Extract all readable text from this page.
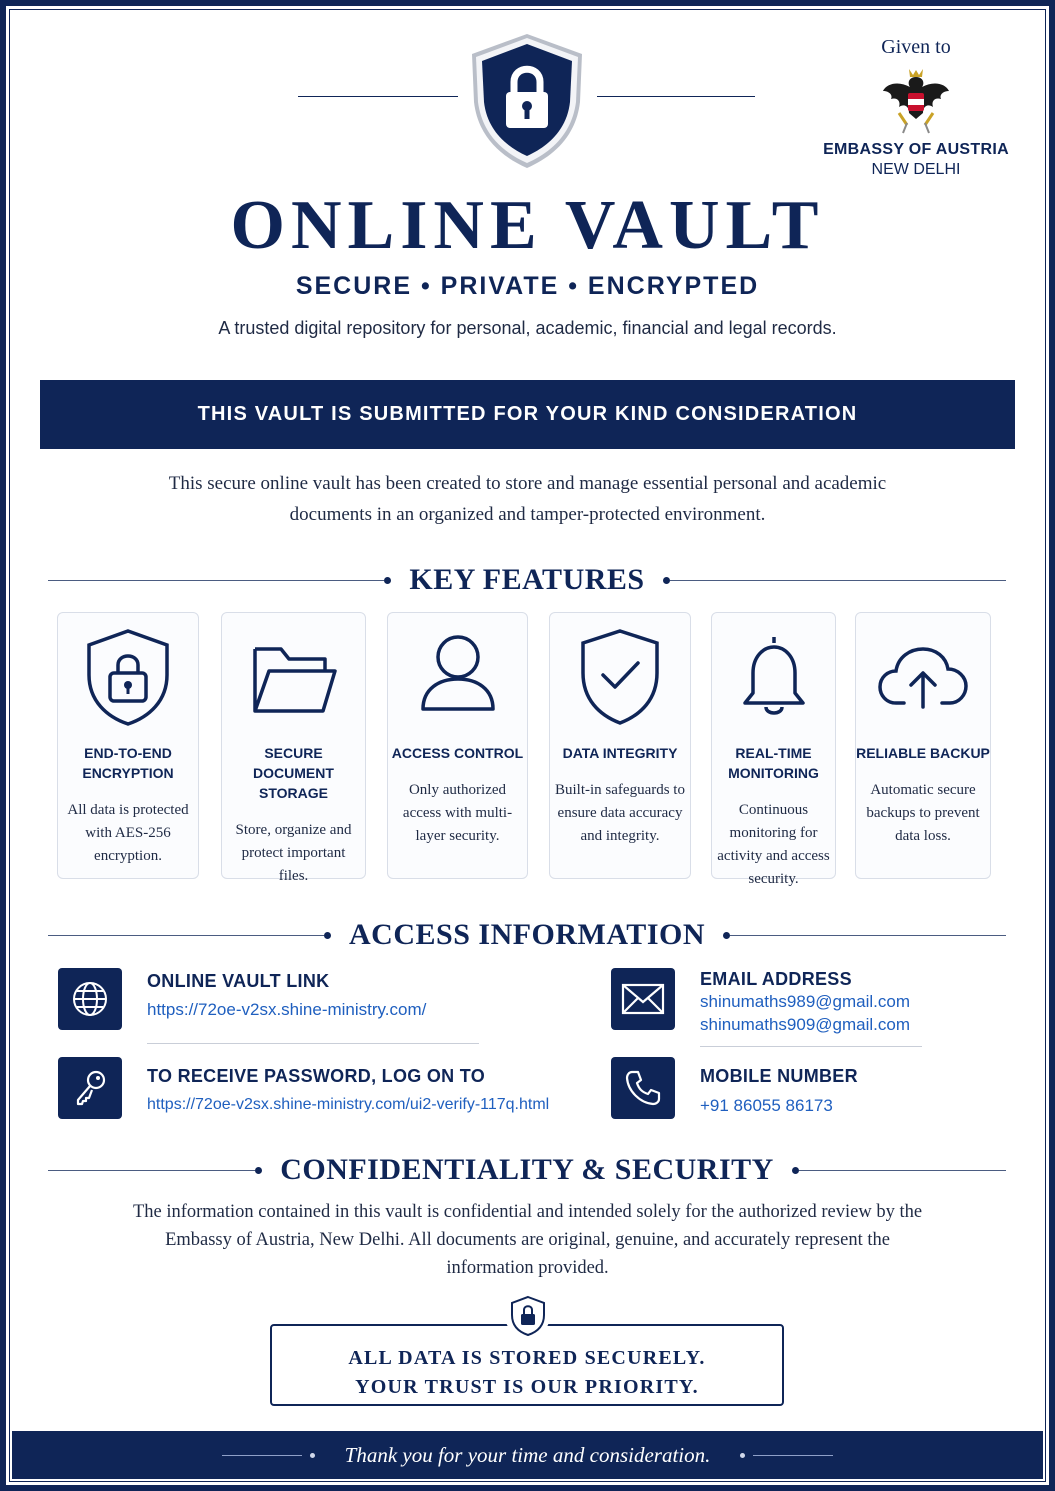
Given to
EMBASSY OF AUSTRIA
NEW DELHI
ONLINE VAULT
SECURE • PRIVATE • ENCRYPTED
A trusted digital repository for personal, academic, financial and legal records.
THIS VAULT IS SUBMITTED FOR YOUR KIND CONSIDERATION
This secure online vault has been created to store and manage essential personal and academic documents in an organized and tamper-protected environment.
KEY FEATURES
END-TO-END ENCRYPTION
All data is protected with AES-256 encryption.
SECURE DOCUMENT STORAGE
Store, organize and protect important files.
ACCESS CONTROL
Only authorized access with multi-layer security.
DATA INTEGRITY
Built-in safeguards to ensure data accuracy and integrity.
REAL-TIME MONITORING
Continuous monitoring for activity and access security.
RELIABLE BACKUP
Automatic secure backups to prevent data loss.
ACCESS INFORMATION
ONLINE VAULT LINK
https://72oe-v2sx.shine-ministry.com/
TO RECEIVE PASSWORD, LOG ON TO
https://72oe-v2sx.shine-ministry.com/ui2-verify-117q.html
EMAIL ADDRESS
shinumaths989@gmail.com
shinumaths909@gmail.com
MOBILE NUMBER
+91 86055 86173
CONFIDENTIALITY & SECURITY
The information contained in this vault is confidential and intended solely for the authorized review by the Embassy of Austria, New Delhi. All documents are original, genuine, and accurately represent the information provided.
ALL DATA IS STORED SECURELY.
YOUR TRUST IS OUR PRIORITY.
Thank you for your time and consideration.
